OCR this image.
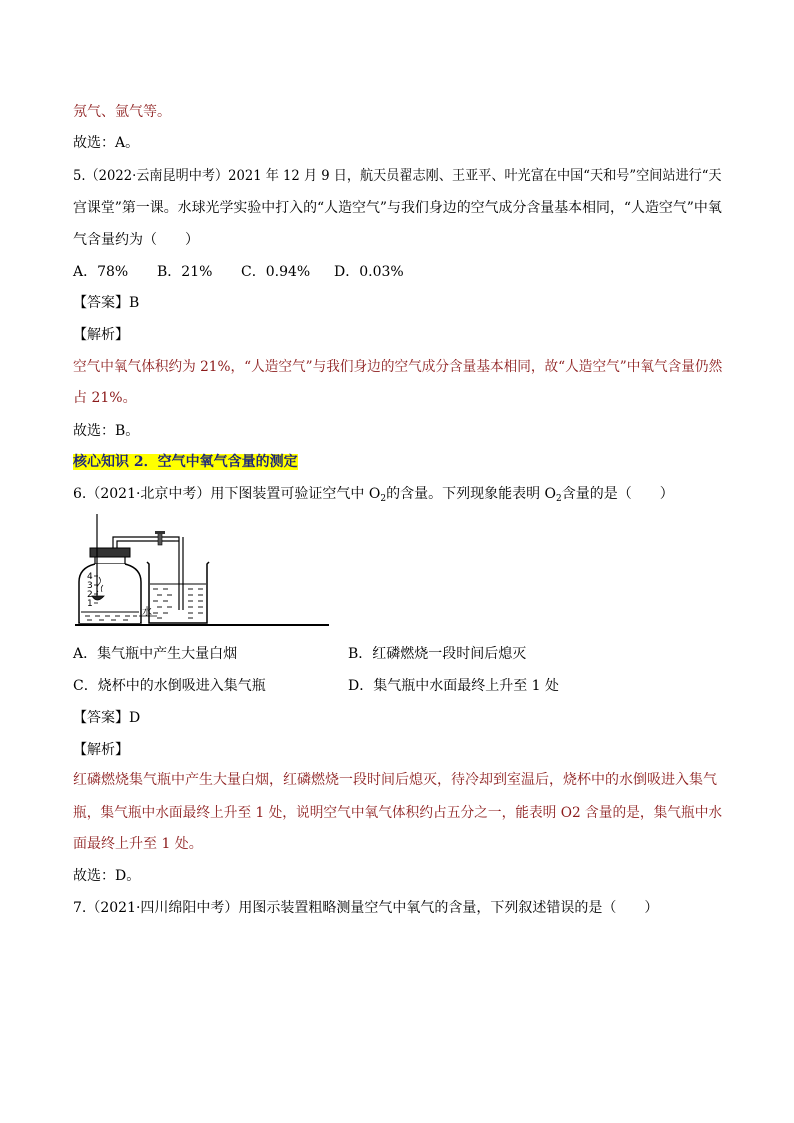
氖气、氩气等。
故选：A。
5.（2022·云南昆明中考）2021 年 12 月 9 日，航天员翟志刚、王亚平、叶光富在中国“天和号”空间站进行“天
宫课堂”第一课。水球光学实验中打入的“人造空气”与我们身边的空气成分含量基本相同，“人造空气”中氧
气含量约为（　　）
A．78% B．21% C．0.94% D．0.03%
【答案】B
【解析】
空气中氧气体积约为 21%，“人造空气”与我们身边的空气成分含量基本相同，故“人造空气”中氧气含量仍然
占 21%。
故选：B。
核心知识 2．空气中氧气含量的测定
6.（2021·北京中考）用下图装置可验证空气中 $O_2$的含量。下列现象能表明 $O_2$含量的是（　　）
4
3
2
1
水
A．集气瓶中产生大量白烟	B．红磷燃烧一段时间后熄灭
C．烧杯中的水倒吸进入集气瓶	D．集气瓶中水面最终上升至 1 处
【答案】D
【解析】
红磷燃烧集气瓶中产生大量白烟，红磷燃烧一段时间后熄灭，待冷却到室温后，烧杯中的水倒吸进入集气
瓶，集气瓶中水面最终上升至 1 处，说明空气中氧气体积约占五分之一，能表明 O2 含量的是，集气瓶中水
面最终上升至 1 处。
故选：D。
7.（2021·四川绵阳中考）用图示装置粗略测量空气中氧气的含量，下列叙述错误的是（　　）
